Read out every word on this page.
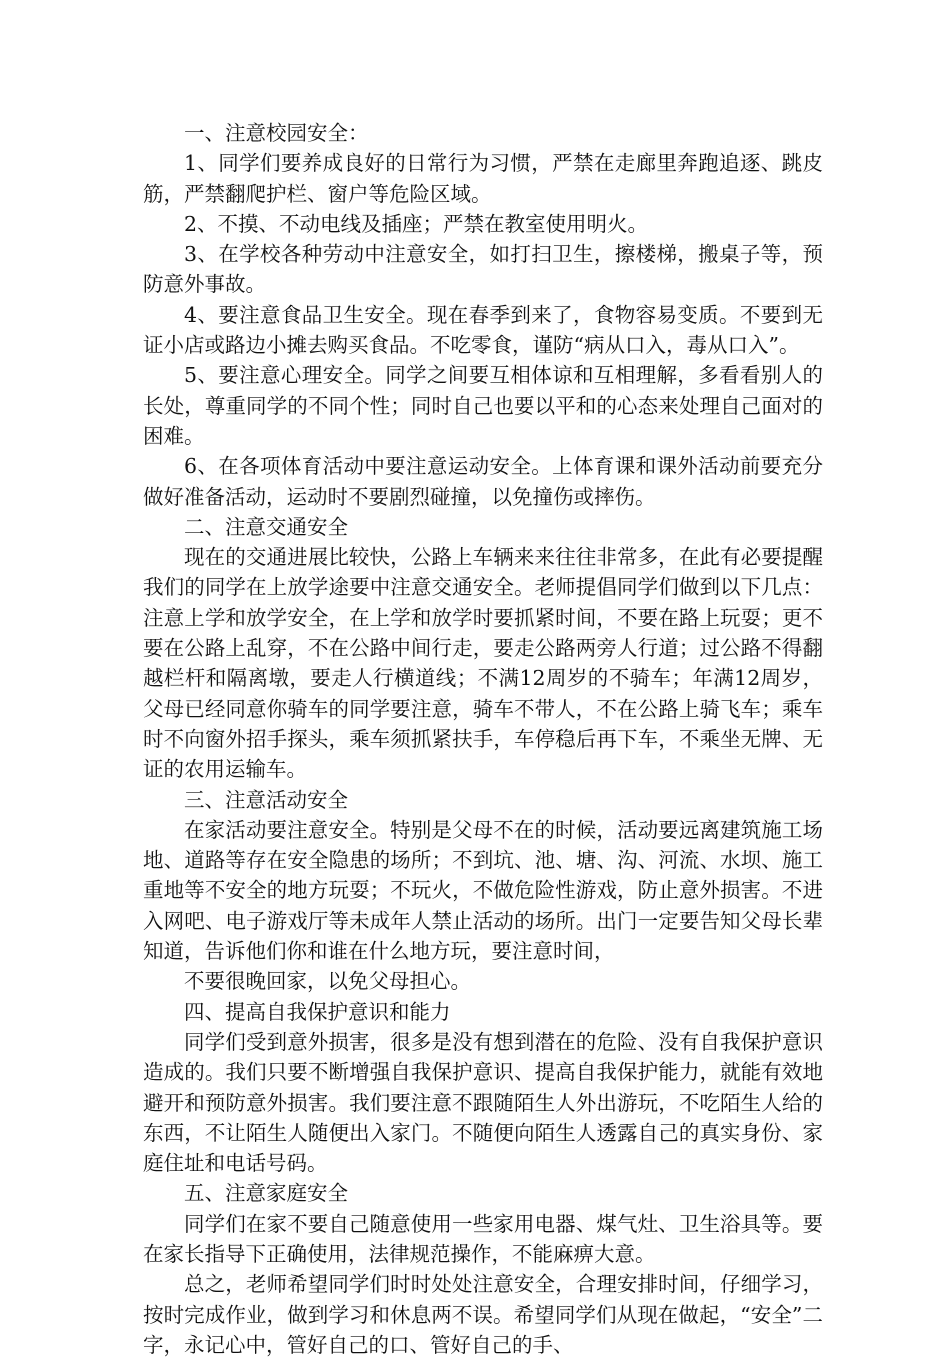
一、注意校园安全：

1、同学们要养成良好的日常行为习惯，严禁在走廊里奔跑追逐、跳皮筋，严禁翻爬护栏、窗户等危险区域。

2、不摸、不动电线及插座；严禁在教室使用明火。

3、在学校各种劳动中注意安全，如打扫卫生，擦楼梯，搬桌子等，预防意外事故。

4、要注意食品卫生安全。现在春季到来了，食物容易变质。不要到无证小店或路边小摊去购买食品。不吃零食，谨防“病从口入，毒从口入”。

5、要注意心理安全。同学之间要互相体谅和互相理解，多看看别人的长处，尊重同学的不同个性；同时自己也要以平和的心态来处理自己面对的困难。

6、在各项体育活动中要注意运动安全。上体育课和课外活动前要充分做好准备活动，运动时不要剧烈碰撞，以免撞伤或摔伤。

二、注意交通安全

现在的交通进展比较快，公路上车辆来来往往非常多，在此有必要提醒我们的同学在上放学途要中注意交通安全。老师提倡同学们做到以下几点：注意上学和放学安全，在上学和放学时要抓紧时间，不要在路上玩耍；更不要在公路上乱穿，不在公路中间行走，要走公路两旁人行道；过公路不得翻越栏杆和隔离墩，要走人行横道线；不满12周岁的不骑车；年满12周岁，父母已经同意你骑车的同学要注意，骑车不带人，不在公路上骑飞车；乘车时不向窗外招手探头，乘车须抓紧扶手，车停稳后再下车，不乘坐无牌、无证的农用运输车。

三、注意活动安全

在家活动要注意安全。特别是父母不在的时候，活动要远离建筑施工场地、道路等存在安全隐患的场所；不到坑、池、塘、沟、河流、水坝、施工重地等不安全的地方玩耍；不玩火，不做危险性游戏，防止意外损害。不进入网吧、电子游戏厅等未成年人禁止活动的场所。出门一定要告知父母长辈知道，告诉他们你和谁在什么地方玩，要注意时间，

不要很晚回家，以免父母担心。

四、提高自我保护意识和能力

同学们受到意外损害，很多是没有想到潜在的危险、没有自我保护意识造成的。我们只要不断增强自我保护意识、提高自我保护能力，就能有效地避开和预防意外损害。我们要注意不跟随陌生人外出游玩，不吃陌生人给的东西，不让陌生人随便出入家门。不随便向陌生人透露自己的真实身份、家庭住址和电话号码。

五、注意家庭安全

同学们在家不要自己随意使用一些家用电器、煤气灶、卫生浴具等。要在家长指导下正确使用，法律规范操作，不能麻痹大意。

总之，老师希望同学们时时处处注意安全，合理安排时间，仔细学习，按时完成作业，做到学习和休息两不误。希望同学们从现在做起，“安全”二字，永记心中，管好自己的口、管好自己的手、
